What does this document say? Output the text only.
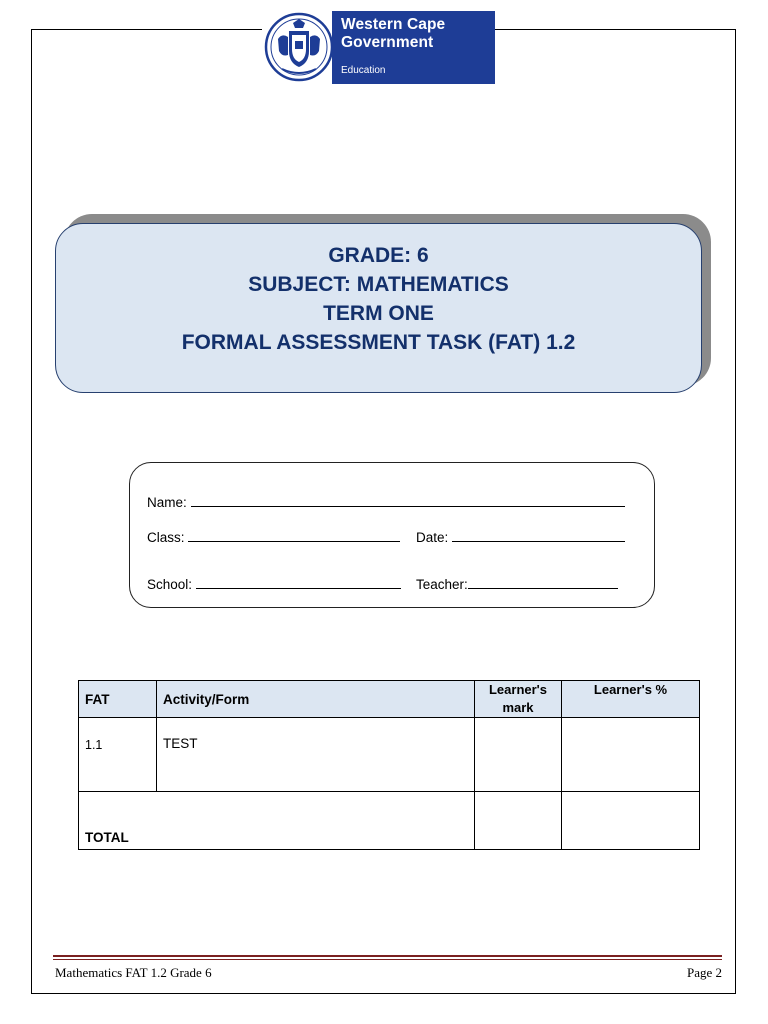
Western Cape
Government
Education
GRADE: 6
SUBJECT: MATHEMATICS
TERM ONE
FORMAL ASSESSMENT TASK (FAT) 1.2
Name:
Class:	Date:
School:	Teacher:
FAT	Activity/Form	Learner's mark	Learner's %
1.1	TEST		
TOTAL			
Mathematics FAT 1.2 Grade 6	Page 2
